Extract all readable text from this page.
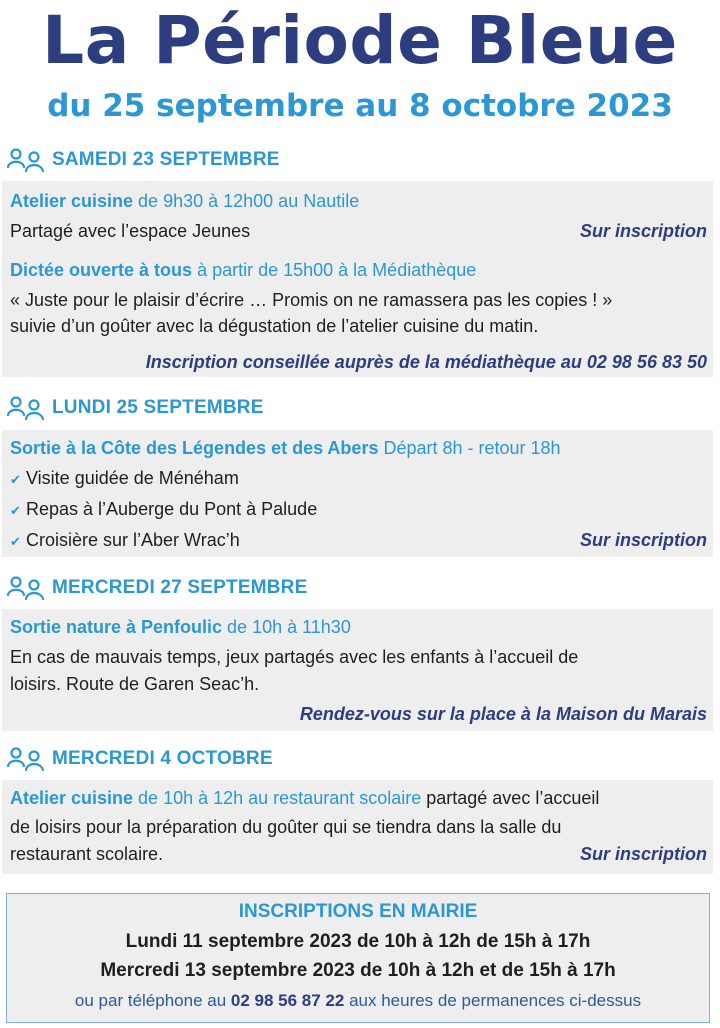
La Période Bleue
du 25 septembre au 8 octobre 2023
SAMEDI 23 SEPTEMBRE
Atelier cuisine de 9h30 à 12h00 au Nautile
Partagé avec l’espace Jeunes	Sur inscription
Dictée ouverte à tous à partir de 15h00 à la Médiathèque
« Juste pour le plaisir d’écrire … Promis on ne ramassera pas les copies ! »
suivie d’un goûter avec la dégustation de l’atelier cuisine du matin.
Inscription conseillée auprès de la médiathèque au 02 98 56 83 50
LUNDI 25 SEPTEMBRE
Sortie à la Côte des Légendes et des Abers Départ 8h - retour 18h
✔ Visite guidée de Ménéham
✔ Repas à l’Auberge du Pont à Palude
✔ Croisière sur l’Aber Wrac’h	Sur inscription
MERCREDI 27 SEPTEMBRE
Sortie nature à Penfoulic de 10h à 11h30
En cas de mauvais temps, jeux partagés avec les enfants à l’accueil de
loisirs. Route de Garen Seac’h.
Rendez-vous sur la place à la Maison du Marais
MERCREDI 4 OCTOBRE
Atelier cuisine de 10h à 12h au restaurant scolaire partagé avec l’accueil
de loisirs pour la préparation du goûter qui se tiendra dans la salle du
restaurant scolaire.	Sur inscription
INSCRIPTIONS EN MAIRIE
Lundi 11 septembre 2023 de 10h à 12h de 15h à 17h
Mercredi 13 septembre 2023 de 10h à 12h et de 15h à 17h
ou par téléphone au 02 98 56 87 22 aux heures de permanences ci-dessus
